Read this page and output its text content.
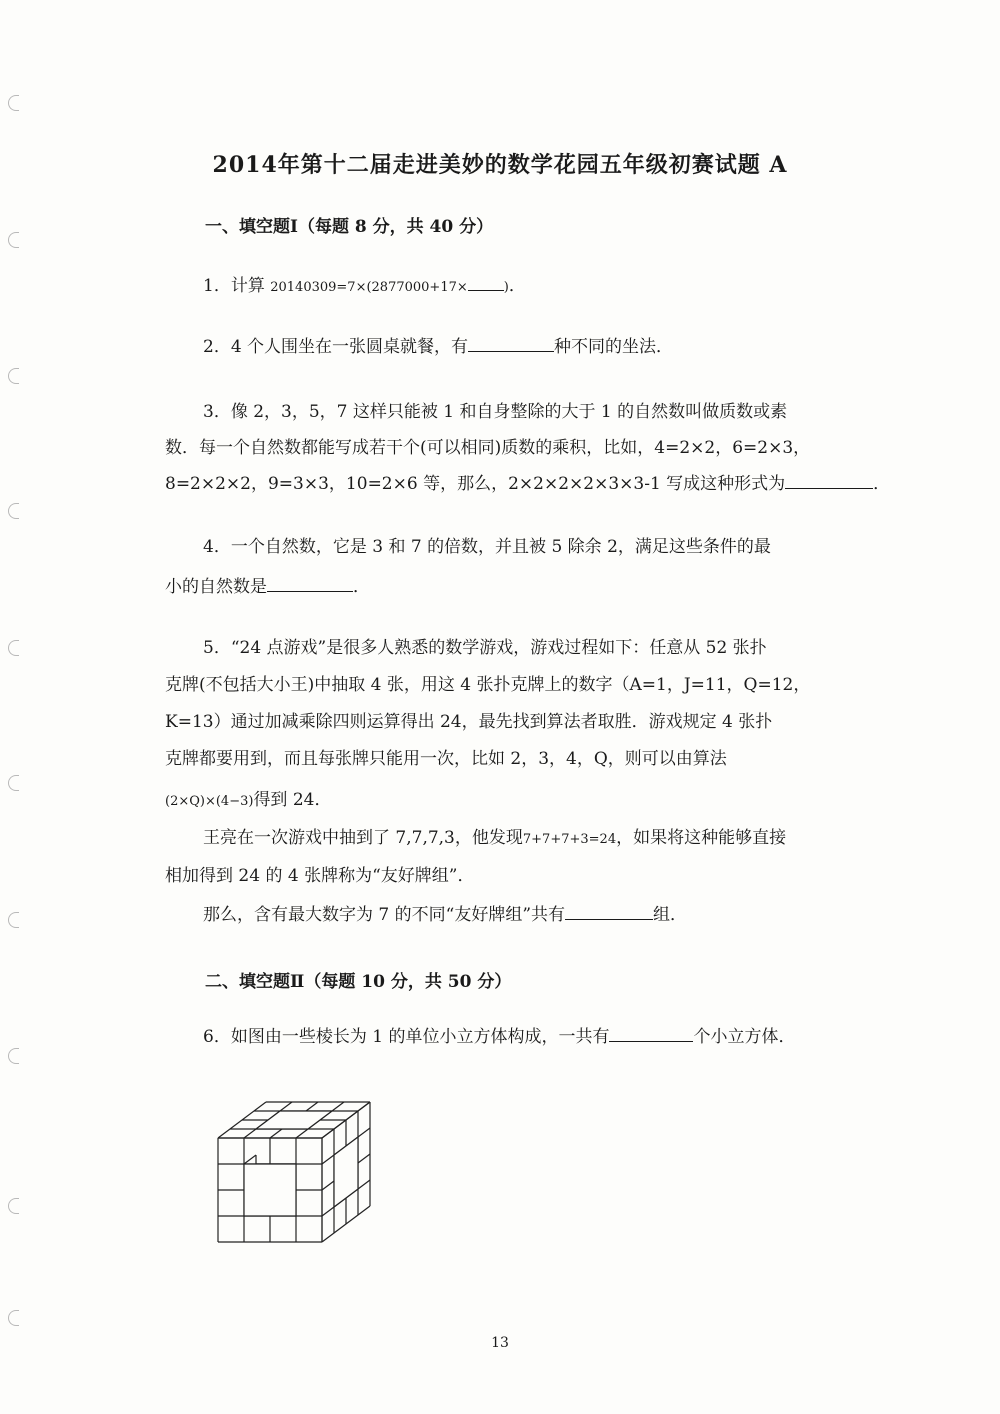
2014年第十二届走进美妙的数学花园五年级初赛试题 A
一、填空题Ⅰ（每题 8 分，共 40 分）
1．计算 20140309=7×(2877000+17×	)．
2．4 个人围坐在一张圆桌就餐，有	种不同的坐法．
3．像 2，3，5，7 这样只能被 1 和自身整除的大于 1 的自然数叫做质数或素
数．每一个自然数都能写成若干个(可以相同)质数的乘积，比如，4=2×2，6=2×3，
8=2×2×2，9=3×3，10=2×6 等，那么，2×2×2×2×3×3-1 写成这种形式为	．
4．一个自然数，它是 3 和 7 的倍数，并且被 5 除余 2，满足这些条件的最
小的自然数是	．
5．“24 点游戏”是很多人熟悉的数学游戏，游戏过程如下：任意从 52 张扑
克牌(不包括大小王)中抽取 4 张，用这 4 张扑克牌上的数字（A=1，J=11，Q=12，
K=13）通过加减乘除四则运算得出 24，最先找到算法者取胜．游戏规定 4 张扑
克牌都要用到，而且每张牌只能用一次，比如 2，3，4，Q，则可以由算法
(2×Q)×(4−3)得到 24．
王亮在一次游戏中抽到了 7,7,7,3，他发现7+7+7+3=24，如果将这种能够直接
相加得到 24 的 4 张牌称为“友好牌组”．
那么，含有最大数字为 7 的不同“友好牌组”共有	组．
二、填空题Ⅱ（每题 10 分，共 50 分）
6．如图由一些棱长为 1 的单位小立方体构成，一共有	个小立方体．
13
